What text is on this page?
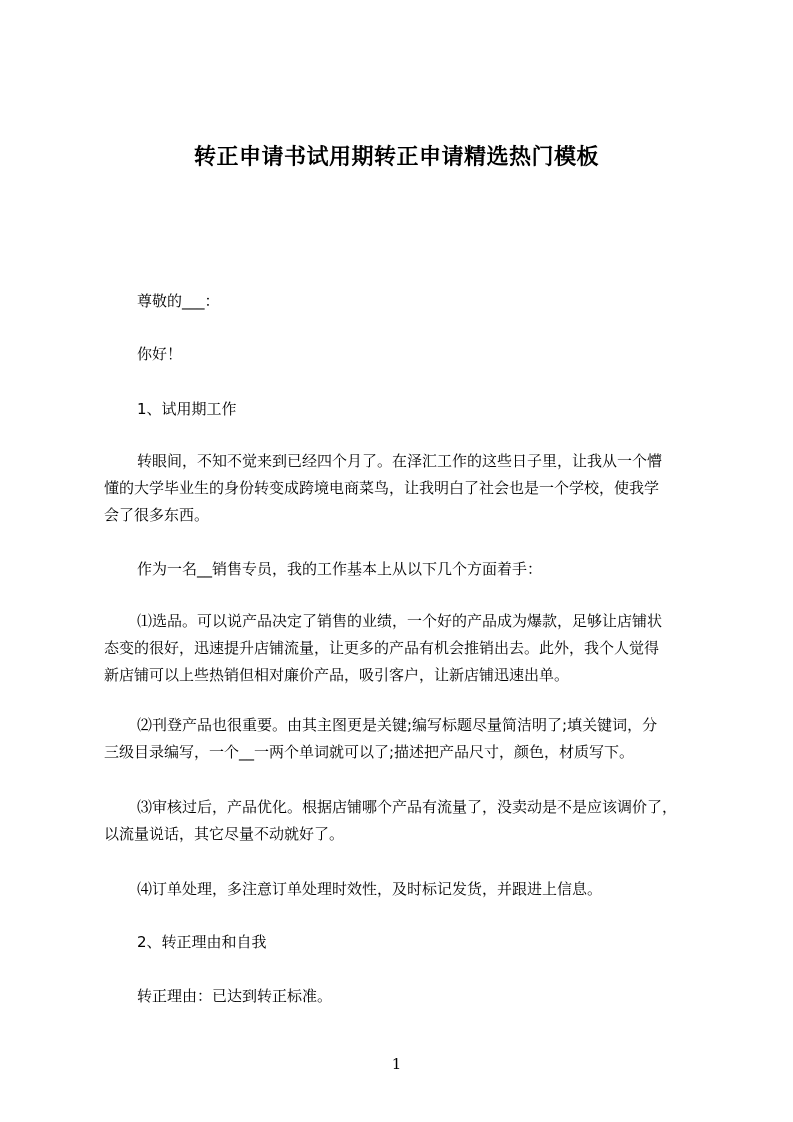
转正申请书试用期转正申请精选热门模板
尊敬的___：
你好！
1、试用期工作
　转眼间，不知不觉来到已经四个月了。在泽汇工作的这些日子里，让我从一个懵
懂的大学毕业生的身份转变成跨境电商菜鸟，让我明白了社会也是一个学校，使我学
会了很多东西。
作为一名__销售专员，我的工作基本上从以下几个方面着手：
　⑴选品。可以说产品决定了销售的业绩，一个好的产品成为爆款，足够让店铺状
态变的很好，迅速提升店铺流量，让更多的产品有机会推销出去。此外，我个人觉得
新店铺可以上些热销但相对廉价产品，吸引客户，让新店铺迅速出单。
　⑵刊登产品也很重要。由其主图更是关键;编写标题尽量简洁明了;填关键词，分
三级目录编写，一个__一两个单词就可以了;描述把产品尺寸，颜色，材质写下。
　⑶审核过后，产品优化。根据店铺哪个产品有流量了，没卖动是不是应该调价了，
以流量说话，其它尽量不动就好了。
　⑷订单处理，多注意订单处理时效性，及时标记发货，并跟进上信息。
2、转正理由和自我
转正理由：已达到转正标准。
1
